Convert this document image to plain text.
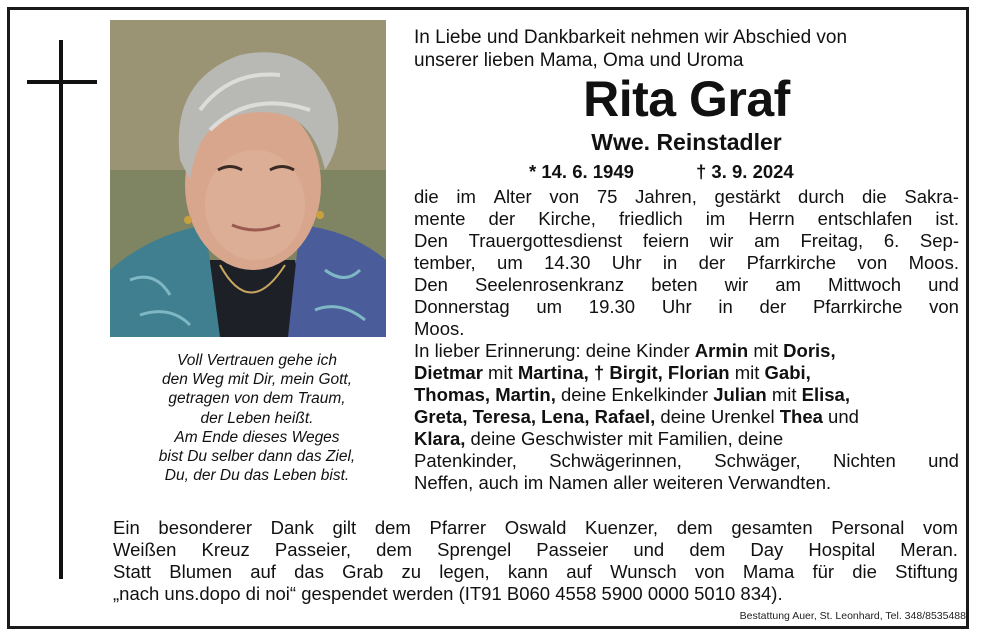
Voll Vertrauen gehe ich
den Weg mit Dir, mein Gott,
getragen von dem Traum,
der Leben heißt.
Am Ende dieses Weges
bist Du selber dann das Ziel,
Du, der Du das Leben bist.
In Liebe und Dankbarkeit nehmen wir Abschied von
unserer lieben Mama, Oma und Uroma
Rita Graf
Wwe. Reinstadler
* 14. 6. 1949	† 3. 9. 2024
die im Alter von 75 Jahren, gestärkt durch die Sakra-
mente der Kirche, friedlich im Herrn entschlafen ist.
Den Trauergottesdienst feiern wir am Freitag, 6. Sep-
tember, um 14.30 Uhr in der Pfarrkirche von Moos.
Den Seelenrosenkranz beten wir am Mittwoch und
Donnerstag um 19.30 Uhr in der Pfarrkirche von
Moos.
In lieber Erinnerung: deine Kinder Armin mit Doris,
Dietmar mit Martina, † Birgit, Florian mit Gabi,
Thomas, Martin, deine Enkelkinder Julian mit Elisa,
Greta, Teresa, Lena, Rafael, deine Urenkel Thea und
Klara, deine Geschwister mit Familien, deine
Patenkinder, Schwägerinnen, Schwäger, Nichten und
Neffen, auch im Namen aller weiteren Verwandten.
Ein besonderer Dank gilt dem Pfarrer Oswald Kuenzer, dem gesamten Personal vom
Weißen Kreuz Passeier, dem Sprengel Passeier und dem Day Hospital Meran.
Statt Blumen auf das Grab zu legen, kann auf Wunsch von Mama für die Stiftung
„nach uns.dopo di noi“ gespendet werden (IT91 B060 4558 5900 0000 5010 834).
Bestattung Auer, St. Leonhard, Tel. 348/8535488
